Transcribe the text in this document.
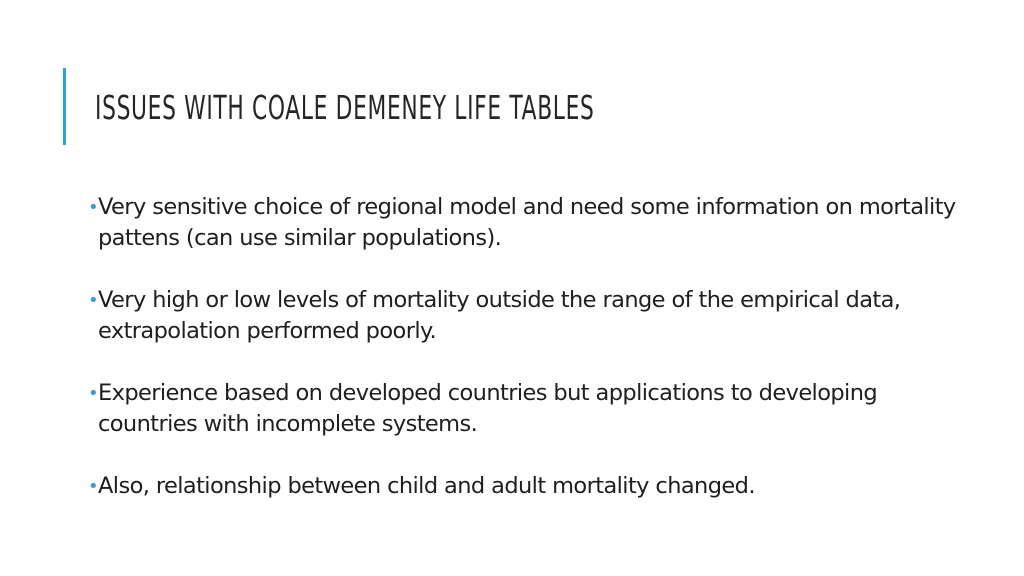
ISSUES WITH COALE DEMENEY LIFE TABLES
• Very sensitive choice of regional model and need some information on mortality pattens (can use similar populations).
• Very high or low levels of mortality outside the range of the empirical data, extrapolation performed poorly.
• Experience based on developed countries but applications to developing countries with incomplete systems.
• Also, relationship between child and adult mortality changed.
